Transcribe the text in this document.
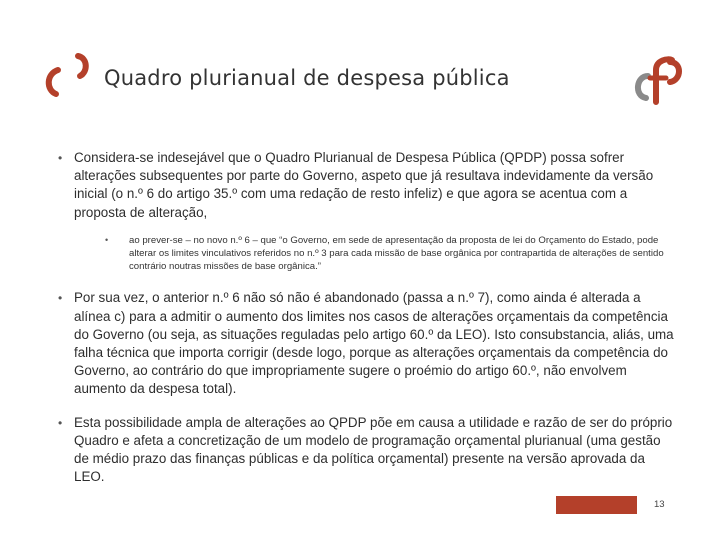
Quadro plurianual de despesa pública
• Considera-se indesejável que o Quadro Plurianual de Despesa Pública (QPDP) possa sofrer alterações subsequentes por parte do Governo, aspeto que já resultava indevidamente da versão inicial (o n.º 6 do artigo 35.º com uma redação de resto infeliz) e que agora se acentua com a proposta de alteração,
• ao prever-se – no novo n.º 6 – que “o Governo, em sede de apresentação da proposta de lei do Orçamento do Estado, pode alterar os limites vinculativos referidos no n.º 3 para cada missão de base orgânica por contrapartida de alterações de sentido contrário noutras missões de base orgânica.”
• Por sua vez, o anterior n.º 6 não só não é abandonado (passa a n.º 7), como ainda é alterada a alínea c) para a admitir o aumento dos limites nos casos de alterações orçamentais da competência do Governo (ou seja, as situações reguladas pelo artigo 60.º da LEO). Isto consubstancia, aliás, uma falha técnica que importa corrigir (desde logo, porque as alterações orçamentais da competência do Governo, ao contrário do que impropriamente sugere o proémio do artigo 60.º, não envolvem aumento da despesa total).
• Esta possibilidade ampla de alterações ao QPDP põe em causa a utilidade e razão de ser do próprio Quadro e afeta a concretização de um modelo de programação orçamental plurianual (uma gestão de médio prazo das finanças públicas e da política orçamental) presente na versão aprovada da LEO.
13
